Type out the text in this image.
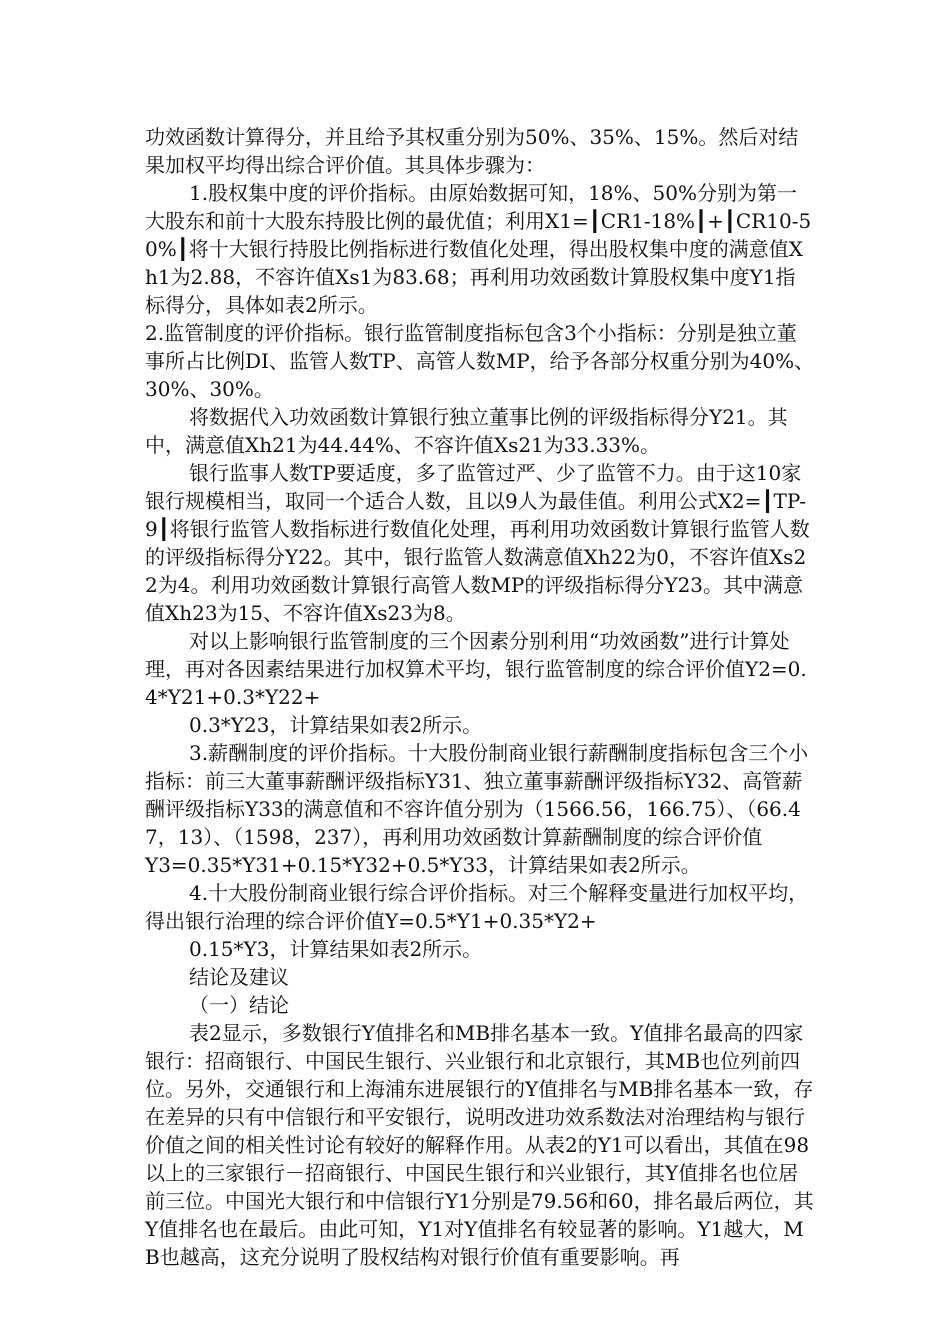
功效函数计算得分，并且给予其权重分别为50%、35%、15%。然后对结果加权平均得出综合评价值。其具体步骤为：

1.股权集中度的评价指标。由原始数据可知，18%、50%分别为第一大股东和前十大股东持股比例的最优值；利用X1=┃CR1-18%┃+┃CR10-50%┃将十大银行持股比例指标进行数值化处理，得出股权集中度的满意值Xh1为2.88，不容许值Xs1为83.68；再利用功效函数计算股权集中度Y1指标得分，具体如表2所示。

2.监管制度的评价指标。银行监管制度指标包含3个小指标：分别是独立董事所占比例DI、监管人数TP、高管人数MP，给予各部分权重分别为40%、30%、30%。

将数据代入功效函数计算银行独立董事比例的评级指标得分Y21。其中，满意值Xh21为44.44%、不容许值Xs21为33.33%。

银行监事人数TP要适度，多了监管过严、少了监管不力。由于这10家银行规模相当，取同一个适合人数，且以9人为最佳值。利用公式X2=┃TP-9┃将银行监管人数指标进行数值化处理，再利用功效函数计算银行监管人数的评级指标得分Y22。其中，银行监管人数满意值Xh22为0，不容许值Xs22为4。利用功效函数计算银行高管人数MP的评级指标得分Y23。其中满意值Xh23为15、不容许值Xs23为8。

对以上影响银行监管制度的三个因素分别利用“功效函数”进行计算处理，再对各因素结果进行加权算术平均，银行监管制度的综合评价值Y2=0.4*Y21+0.3*Y22+

0.3*Y23，计算结果如表2所示。

3.薪酬制度的评价指标。十大股份制商业银行薪酬制度指标包含三个小指标：前三大董事薪酬评级指标Y31、独立董事薪酬评级指标Y32、高管薪酬评级指标Y33的满意值和不容许值分别为（1566.56，166.75）、（66.47，13）、（1598，237），再利用功效函数计算薪酬制度的综合评价值

Y3=0.35*Y31+0.15*Y32+0.5*Y33，计算结果如表2所示。

4.十大股份制商业银行综合评价指标。对三个解释变量进行加权平均，得出银行治理的综合评价值Y=0.5*Y1+0.35*Y2+

0.15*Y3，计算结果如表2所示。

结论及建议

（一）结论

表2显示，多数银行Y值排名和MB排名基本一致。Y值排名最高的四家银行：招商银行、中国民生银行、兴业银行和北京银行，其MB也位列前四位。另外，交通银行和上海浦东进展银行的Y值排名与MB排名基本一致，存在差异的只有中信银行和平安银行，说明改进功效系数法对治理结构与银行价值之间的相关性讨论有较好的解释作用。从表2的Y1可以看出，其值在98以上的三家银行－招商银行、中国民生银行和兴业银行，其Y值排名也位居前三位。中国光大银行和中信银行Y1分别是79.56和60，排名最后两位，其Y值排名也在最后。由此可知，Y1对Y值排名有较显著的影响。Y1越大，MB也越高，这充分说明了股权结构对银行价值有重要影响。再
